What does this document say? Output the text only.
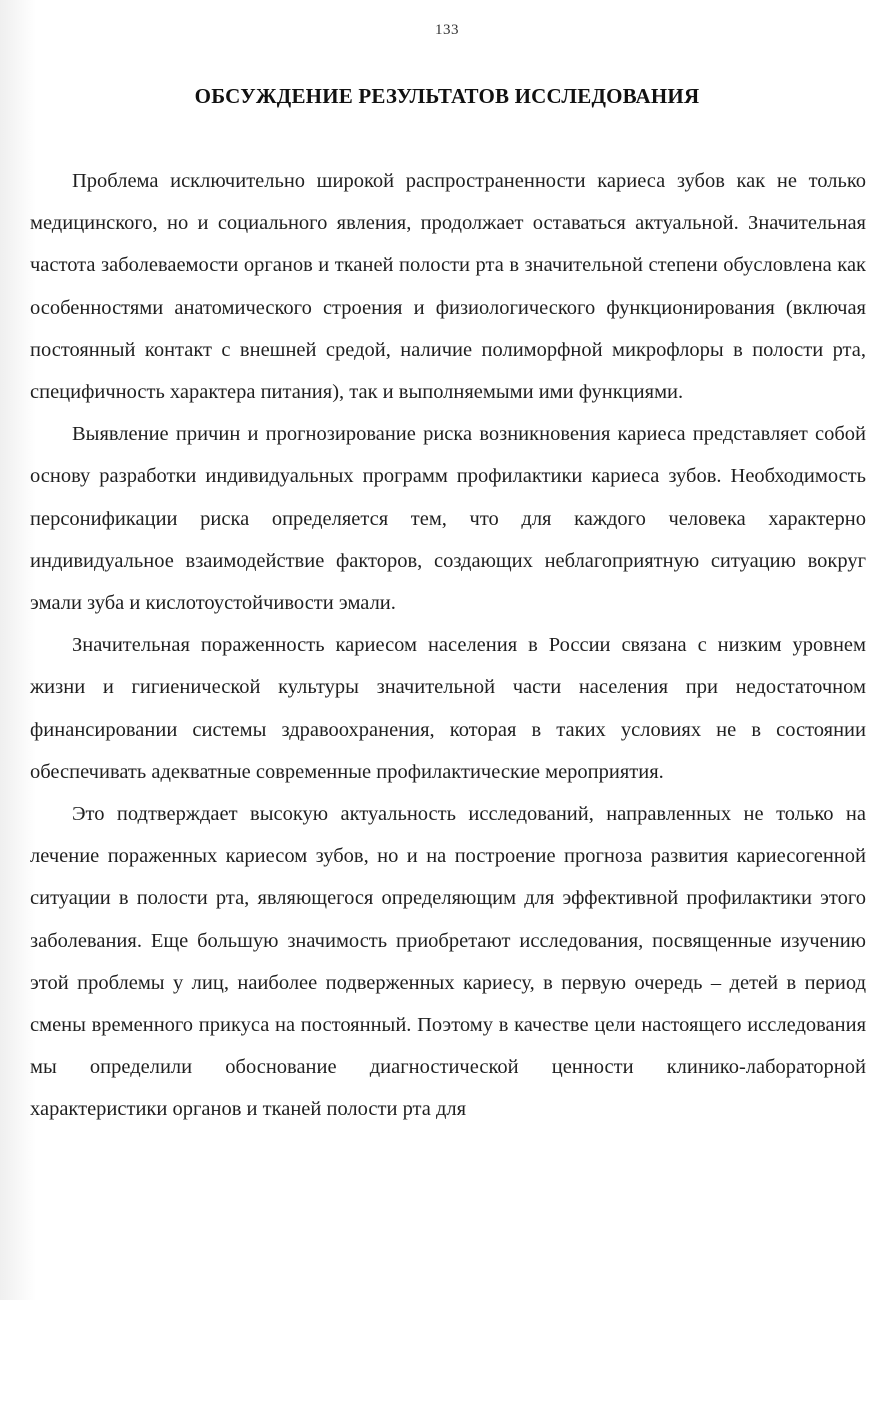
133
ОБСУЖДЕНИЕ РЕЗУЛЬТАТОВ ИССЛЕДОВАНИЯ

Проблема исключительно широкой распространенности кариеса зубов как не только медицинского, но и социального явления, продолжает оставаться актуальной. Значительная частота заболеваемости органов и тканей полости рта в значительной степени обусловлена как особенностями анатомического строения и физиологического функционирования (включая постоянный контакт с внешней средой, наличие полиморфной микрофлоры в полости рта, специфичность характера питания), так и выполняемыми ими функциями.

Выявление причин и прогнозирование риска возникновения кариеса представляет собой основу разработки индивидуальных программ профилактики кариеса зубов. Необходимость персонификации риска определяется тем, что для каждого человека характерно индивидуальное взаимодействие факторов, создающих неблагоприятную ситуацию вокруг эмали зуба и кислотоустойчивости эмали.

Значительная пораженность кариесом населения в России связана с низким уровнем жизни и гигиенической культуры значительной части населения при недостаточном финансировании системы здравоохранения, которая в таких условиях не в состоянии обеспечивать адекватные современные профилактические мероприятия.

Это подтверждает высокую актуальность исследований, направленных не только на лечение пораженных кариесом зубов, но и на построение прогноза развития кариесогенной ситуации в полости рта, являющегося определяющим для эффективной профилактики этого заболевания. Еще большую значимость приобретают исследования, посвященные изучению этой проблемы у лиц, наиболее подверженных кариесу, в первую очередь – детей в период смены временного прикуса на постоянный. Поэтому в качестве цели настоящего исследования мы определили обоснование диагностической ценности клинико-лабораторной характеристики органов и тканей полости рта для
